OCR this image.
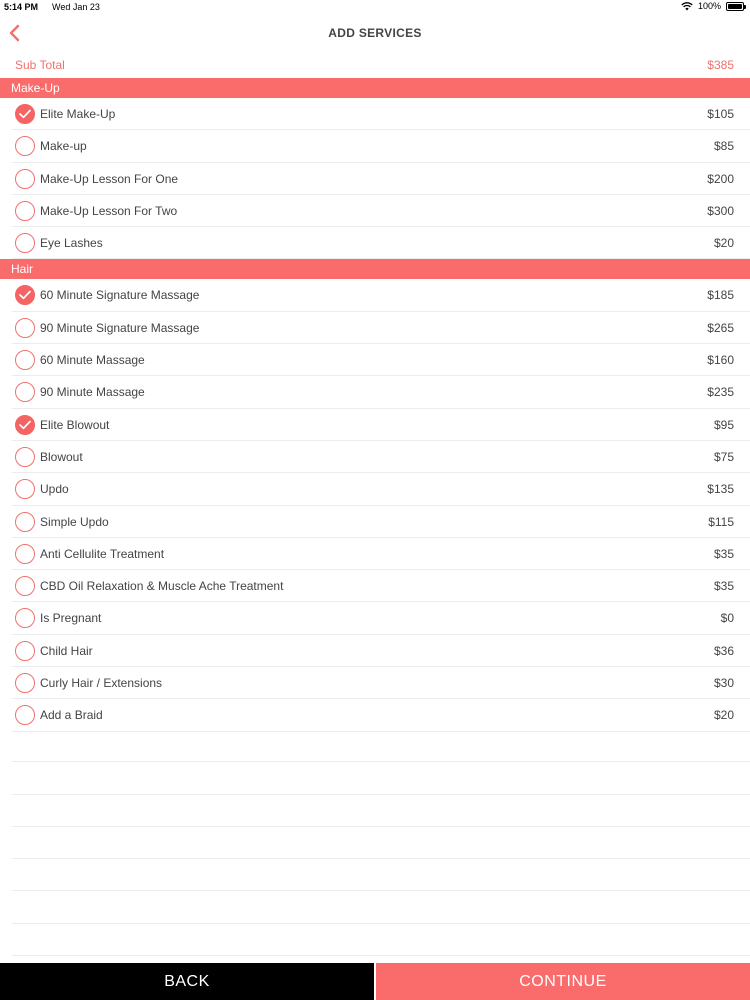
5:14 PM Wed Jan 23	100%
ADD SERVICES
Sub Total	$385
Make-Up
Elite Make-Up	$105
Make-up	$85
Make-Up Lesson For One	$200
Make-Up Lesson For Two	$300
Eye Lashes	$20
Hair
60 Minute Signature Massage	$185
90 Minute Signature Massage	$265
60 Minute Massage	$160
90 Minute Massage	$235
Elite Blowout	$95
Blowout	$75
Updo	$135
Simple Updo	$115
Anti Cellulite Treatment	$35
CBD Oil Relaxation & Muscle Ache Treatment	$35
Is Pregnant	$0
Child Hair	$36
Curly Hair / Extensions	$30
Add a Braid	$20
BACK	CONTINUE
